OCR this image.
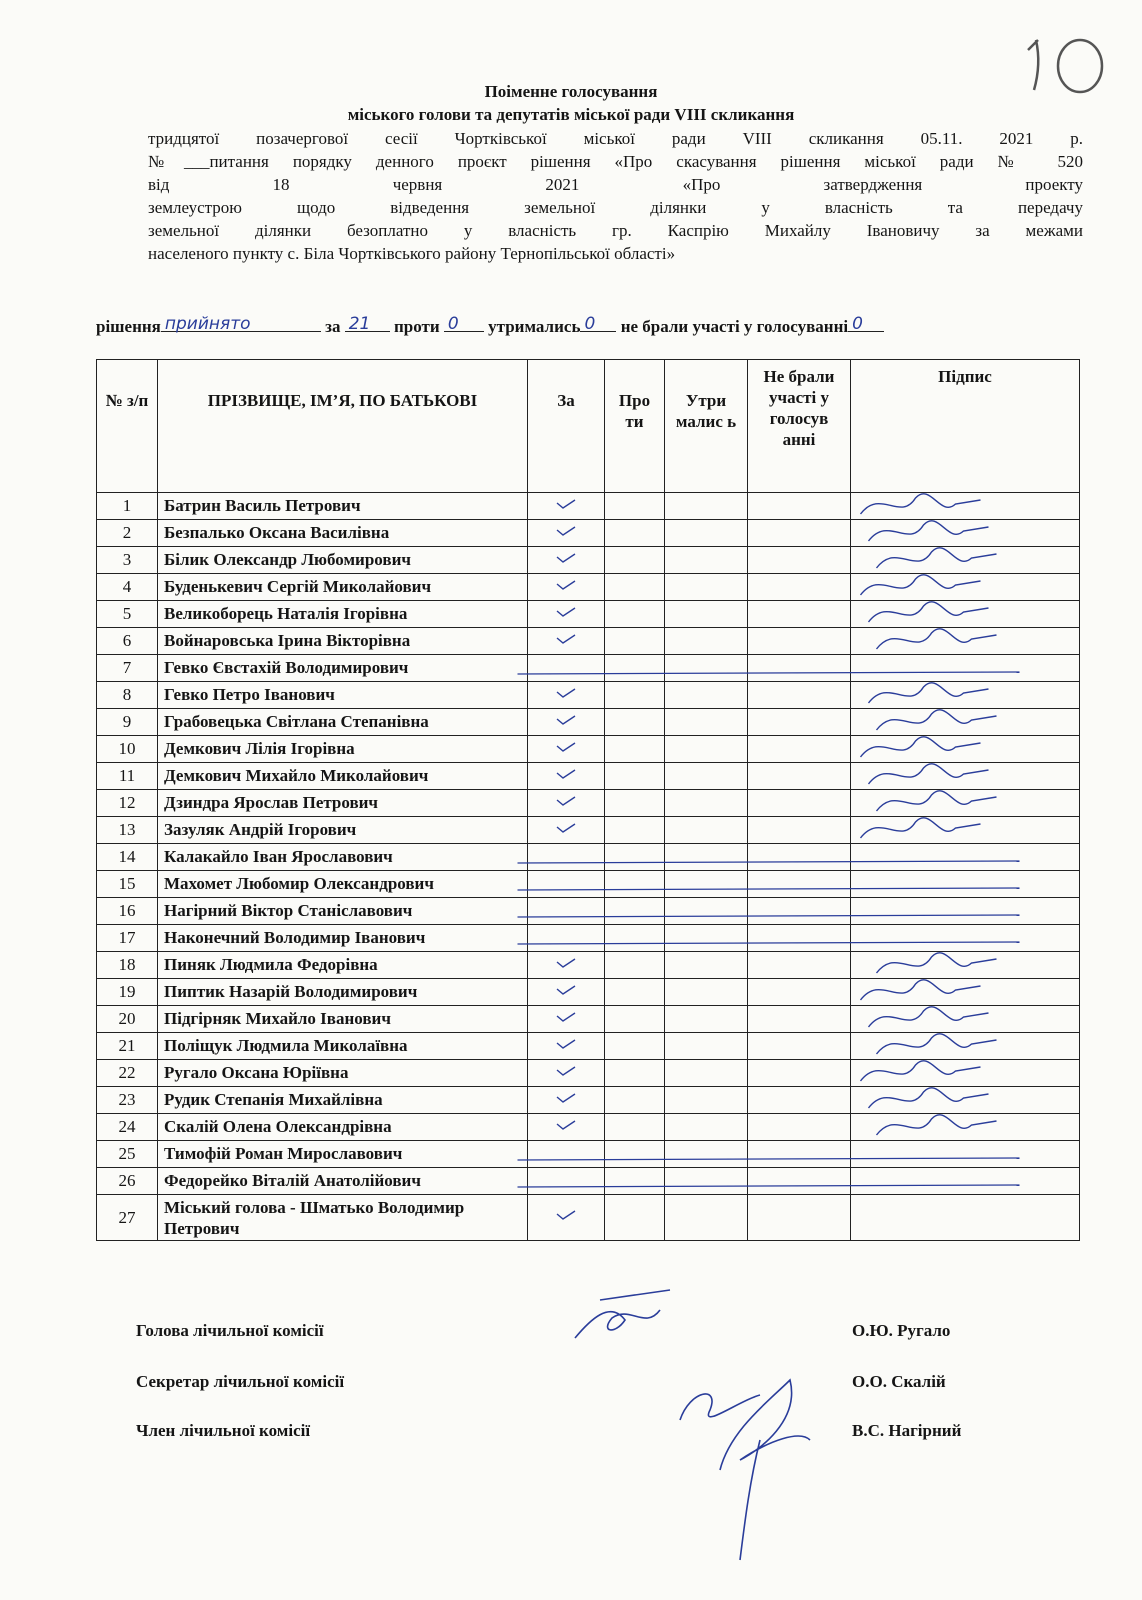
Поіменне голосування
міського голови та депутатів міської ради VIII скликання
тридцятої позачергової сесії Чортківської міської ради VIII скликання 05.11. 2021 р.
№___питання порядку денного проєкт рішення «Про скасування рішення міської ради № 520
від 18 червня 2021 «Про затвердження проекту
землеустрою щодо відведення земельної ділянки у власність та передачу
земельної ділянки безоплатно у власність гр. Каспрію Михайлу Івановичу за межами
населеного пункту с. Біла Чортківського району Тернопільської області»
рішення прийнято	за 21 проти 0 утримались 0 не брали участі у голосуванні 0
№ з/п	ПРІЗВИЩЕ, ІМ’Я, ПО БАТЬКОВІ	За	Про ти	Утри малис ь	Не брали участі у голосув анні	Підпис
1	Батрин Василь Петрович					
2	Безпалько Оксана Василівна					
3	Білик Олександр Любомирович					
4	Буденькевич Сергій Миколайович					
5	Великоборець Наталія Ігорівна					
6	Войнаровська Ірина Вікторівна					
7	Гевко Євстахій Володимирович					
8	Гевко Петро Іванович					
9	Грабовецька Світлана Степанівна					
10	Демкович Лілія Ігорівна					
11	Демкович Михайло Миколайович					
12	Дзиндра Ярослав Петрович					
13	Зазуляк Андрій Ігорович					
14	Калакайло Іван Ярославович					
15	Махомет Любомир Олександрович					
16	Нагірний Віктор Станіславович					
17	Наконечний Володимир Іванович					
18	Пиняк Людмила Федорівна					
19	Пиптик Назарій Володимирович					
20	Підгірняк Михайло Іванович					
21	Поліщук Людмила Миколаївна					
22	Ругало Оксана Юріївна					
23	Рудик Степанія Михайлівна					
24	Скалій Олена Олександрівна					
25	Тимофій Роман Мирославович					
26	Федорейко Віталій Анатолійович					
27	Міський голова - Шматько Володимир Петрович					
Голова лічильної комісії	О.Ю. Ругало
Секретар лічильної комісії	О.О. Скалій
Член лічильної комісії	В.С. Нагірний
